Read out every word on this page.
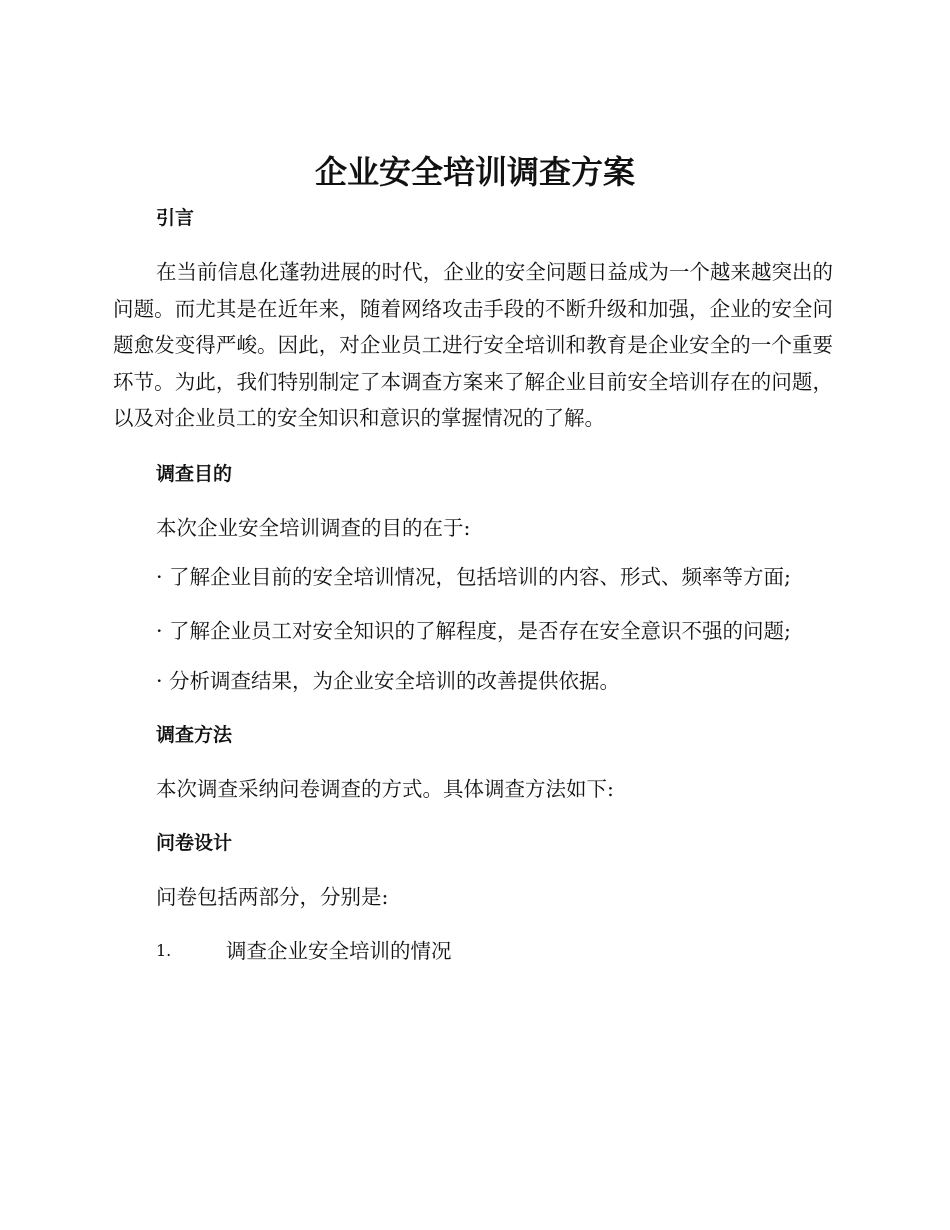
企业安全培训调查方案

引言

在当前信息化蓬勃进展的时代，企业的安全问题日益成为一个越来越突出的问题。而尤其是在近年来，随着网络攻击手段的不断升级和加强，企业的安全问题愈发变得严峻。因此，对企业员工进行安全培训和教育是企业安全的一个重要环节。为此，我们特别制定了本调查方案来了解企业目前安全培训存在的问题，以及对企业员工的安全知识和意识的掌握情况的了解。

调查目的

本次企业安全培训调查的目的在于:

· 了解企业目前的安全培训情况，包括培训的内容、形式、频率等方面;

· 了解企业员工对安全知识的了解程度，是否存在安全意识不强的问题;

· 分析调查结果，为企业安全培训的改善提供依据。

调查方法

本次调查采纳问卷调查的方式。具体调查方法如下:

问卷设计

问卷包括两部分，分别是:

1.	调查企业安全培训的情况
